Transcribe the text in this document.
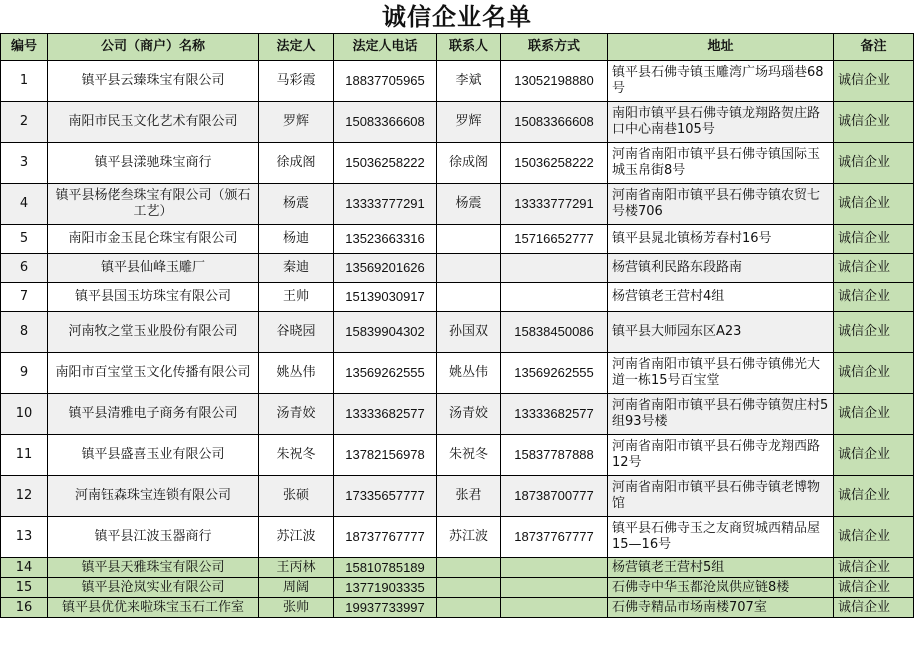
诚信企业名单
编号	公司（商户）名称	法定人	法定人电话	联系人	联系方式	地址	备注
1	镇平县云臻珠宝有限公司	马彩霞	18837705965	李斌	13052198880	镇平县石佛寺镇玉雕湾广场玛瑙巷68号	诚信企业
2	南阳市民玉文化艺术有限公司	罗辉	15083366608	罗辉	15083366608	南阳市镇平县石佛寺镇龙翔路贺庄路口中心南巷105号	诚信企业
3	镇平县漾驰珠宝商行	徐成阁	15036258222	徐成阁	15036258222	河南省南阳市镇平县石佛寺镇国际玉城玉帛街8号	诚信企业
4	镇平县杨佬叁珠宝有限公司（颁石工艺）	杨震	13333777291	杨震	13333777291	河南省南阳市镇平县石佛寺镇农贸七号楼706	诚信企业
5	南阳市金玉昆仑珠宝有限公司	杨迪	13523663316		15716652777	镇平县晁北镇杨芳春村16号	诚信企业
6	镇平县仙峰玉雕厂	秦迪	13569201626			杨营镇利民路东段路南	诚信企业
7	镇平县国玉坊珠宝有限公司	王帅	15139030917			杨营镇老王营村4组	诚信企业
8	河南牧之堂玉业股份有限公司	谷晓园	15839904302	孙国双	15838450086	镇平县大师园东区A23	诚信企业
9	南阳市百宝堂玉文化传播有限公司	姚丛伟	13569262555	姚丛伟	13569262555	河南省南阳市镇平县石佛寺镇佛光大道一栋15号百宝堂	诚信企业
10	镇平县清雅电子商务有限公司	汤青姣	13333682577	汤青姣	13333682577	河南省南阳市镇平县石佛寺镇贺庄村5组93号楼	诚信企业
11	镇平县盛喜玉业有限公司	朱祝冬	13782156978	朱祝冬	15837787888	河南省南阳市镇平县石佛寺龙翔西路12号	诚信企业
12	河南钰森珠宝连锁有限公司	张硕	17335657777	张君	18738700777	河南省南阳市镇平县石佛寺镇老博物馆	诚信企业
13	镇平县江波玉器商行	苏江波	18737767777	苏江波	18737767777	镇平县石佛寺玉之友商贸城西精品屋15—16号	诚信企业
14	镇平县天雅珠宝有限公司	王丙林	15810785189			杨营镇老王营村5组	诚信企业
15	镇平县沧岚实业有限公司	周阔	13771903335			石佛寺中华玉都沧岚供应链8楼	诚信企业
16	镇平县优优来啦珠宝玉石工作室	张帅	19937733997			石佛寺精品市场南楼707室	诚信企业
